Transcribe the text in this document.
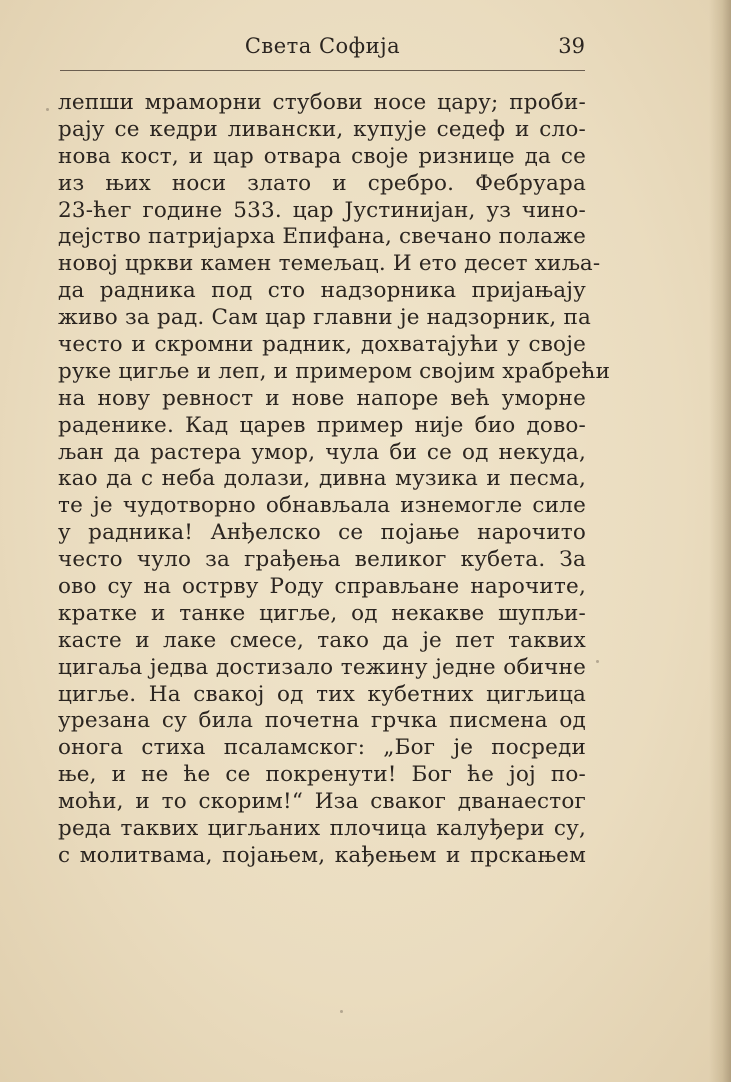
Света Софија	39
лепши мраморни стубови носе цару; проби-
рају се кедри ливански, купује седеф и сло-
нова кост, и цар отвара своје ризнице да се
из њих носи злато и сребро. Фебруара
23-ћег године 533. цар Јустинијан, уз чино-
дејство патријарха Епифана, свечано полаже
новој цркви камен темељац. И ето десет хиља-
да радника под сто надзорника пријањају
живо за рад. Сам цар главни је надзорник, па
често и скромни радник, дохватајући у своје
руке цигље и леп, и примером својим храбрећи
на нову ревност и нове напоре већ уморне
раденике. Кад царев пример није био дово-
љан да растера умор, чула би се од некуда,
као да с неба долази, дивна музика и песма,
те је чудотворно обнављала изнемогле силе
у радника! Анђелско се појање нарочито
често чуло за грађења великог кубета. За
ово су на острву Роду справљане нарочите,
кратке и танке цигље, од некакве шупљи-
касте и лаке смесе, тако да је пет таквих
цигаља једва достизало тежину једне обичне
цигље. На свакој од тих кубетних цигљица
урезана су била почетна грчка писмена од
онога стиха псаламског: „Бог је посреди
ње, и не ће се покренути! Бог ће јој по-
моћи, и то скорим!“ Иза сваког дванаестог
реда таквих цигљаних плочица калуђери су,
с молитвама, појањем, кађењем и прскањем
